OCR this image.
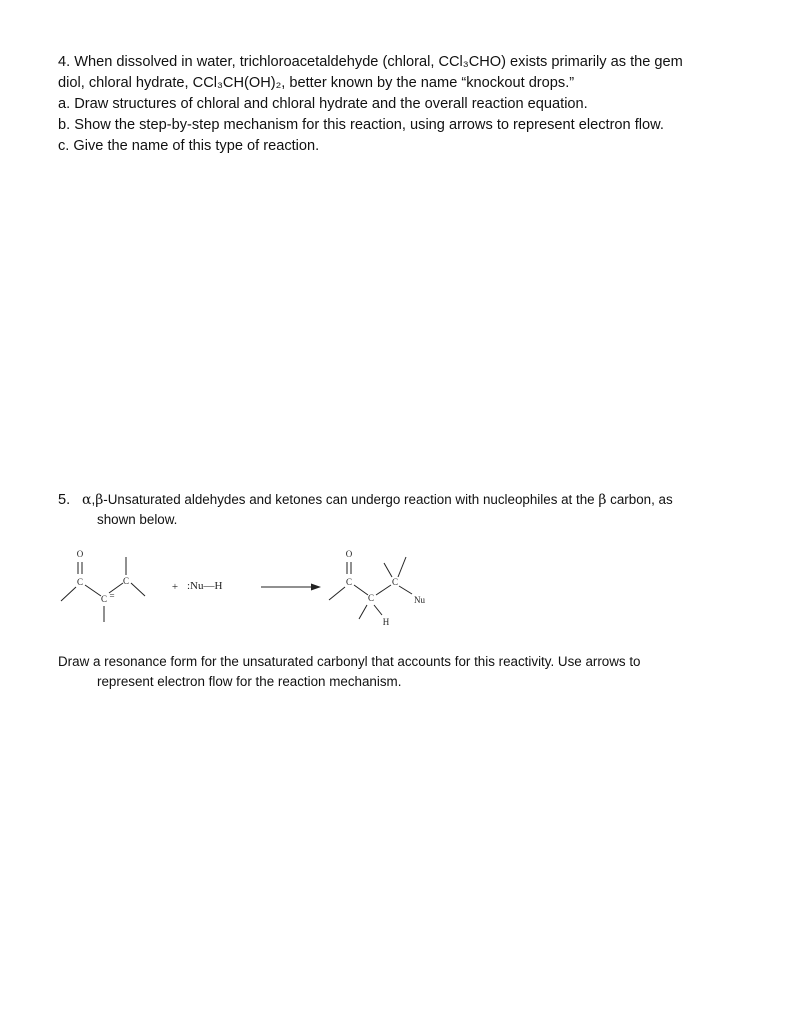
4. When dissolved in water, trichloroacetaldehyde (chloral, CCl₃CHO) exists primarily as the gem

diol, chloral hydrate, CCl₃CH(OH)₂, better known by the name “knockout drops.”

a. Draw structures of chloral and chloral hydrate and the overall reaction equation.

b. Show the step-by-step mechanism for this reaction, using arrows to represent electron flow.

c. Give the name of this type of reaction.

5. α,β-Unsaturated aldehydes and ketones can undergo reaction with nucleophiles at the β carbon, as

shown below.

O
C
C =
C	+ :Nu—H
O
C
C
H
C
Nu

Draw a resonance form for the unsaturated carbonyl that accounts for this reactivity. Use arrows to

represent electron flow for the reaction mechanism.
